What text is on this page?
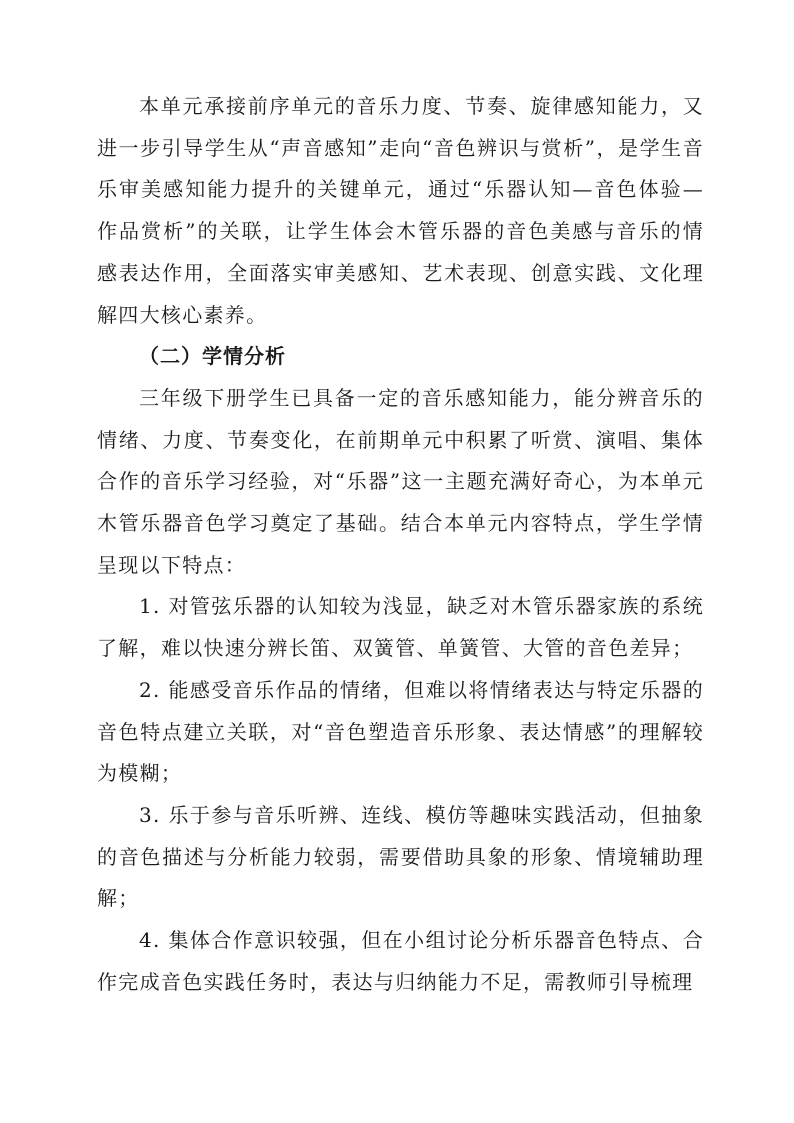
本单元承接前序单元的音乐力度、节奏、旋律感知能力，又进一步引导学生从“声音感知”走向“音色辨识与赏析”，是学生音乐审美感知能力提升的关键单元，通过“乐器认知—音色体验—作品赏析”的关联，让学生体会木管乐器的音色美感与音乐的情感表达作用，全面落实审美感知、艺术表现、创意实践、文化理解四大核心素养。

（二）学情分析

三年级下册学生已具备一定的音乐感知能力，能分辨音乐的情绪、力度、节奏变化，在前期单元中积累了听赏、演唱、集体合作的音乐学习经验，对“乐器”这一主题充满好奇心，为本单元木管乐器音色学习奠定了基础。结合本单元内容特点，学生学情呈现以下特点：

1. 对管弦乐器的认知较为浅显，缺乏对木管乐器家族的系统了解，难以快速分辨长笛、双簧管、单簧管、大管的音色差异；

2. 能感受音乐作品的情绪，但难以将情绪表达与特定乐器的音色特点建立关联，对“音色塑造音乐形象、表达情感”的理解较为模糊；

3. 乐于参与音乐听辨、连线、模仿等趣味实践活动，但抽象的音色描述与分析能力较弱，需要借助具象的形象、情境辅助理解；

4. 集体合作意识较强，但在小组讨论分析乐器音色特点、合作完成音色实践任务时，表达与归纳能力不足，需教师引导梳理
